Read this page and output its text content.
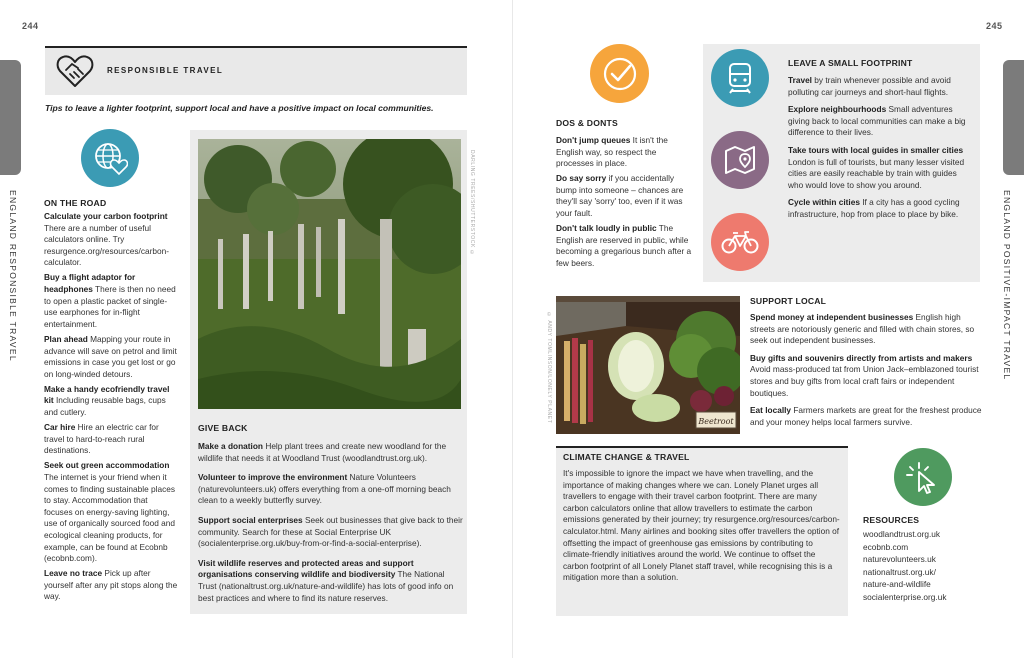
244	245
ENGLAND RESPONSIBLE TRAVEL	ENGLAND POSITIVE-IMPACT TRAVEL
RESPONSIBLE TRAVEL
Tips to leave a lighter footprint, support local and have a positive impact on local communities.
ON THE ROAD

Calculate your carbon footprint There are a number of useful calculators online. Try resurgence.org/resources/carbon-calculator.

Buy a flight adaptor for headphones There is then no need to open a plastic packet of single-use earphones for in-flight entertainment.

Plan ahead Mapping your route in advance will save on petrol and limit emissions in case you get lost or go on long-winded detours.

Make a handy ecofriendly travel kit Including reusable bags, cups and cutlery.

Car hire Hire an electric car for travel to hard-to-reach rural destinations.

Seek out green accommodation The internet is your friend when it comes to finding sustainable places to stay. Accommodation that focuses on energy-saving lighting, use of organically sourced food and ecological cleaning products, for example, can be found at Ecobnb (ecobnb.com).

Leave no trace Pick up after yourself after any pit stops along the way.

DARLING TREES/SHUTTERSTOCK ©
GIVE BACK

Make a donation Help plant trees and create new woodland for the wildlife that needs it at Woodland Trust (woodlandtrust.org.uk).

Volunteer to improve the environment Nature Volunteers (naturevolunteers.uk) offers everything from a one-off morning beach clean to a weekly butterfly survey.

Support social enterprises Seek out businesses that give back to their community. Search for these at Social Enterprise UK (socialenterprise.org.uk/buy-from-or-find-a-social-enterprise).

Visit wildlife reserves and protected areas and support organisations conserving wildlife and biodiversity The National Trust (nationaltrust.org.uk/nature-and-wildlife) has lots of good info on best practices and where to find its nature reserves.

DOS & DONTS

Don't jump queues It isn't the English way, so respect the processes in place.

Do say sorry if you accidentally bump into someone – chances are they'll say 'sorry' too, even if it was your fault.

Don't talk loudly in public The English are reserved in public, while becoming a gregarious bunch after a few beers.

LEAVE A SMALL FOOTPRINT

Travel by train whenever possible and avoid polluting car journeys and short-haul flights.

Explore neighbourhoods Small adventures giving back to local communities can make a big difference to their lives.

Take tours with local guides in smaller cities London is full of tourists, but many lesser visited cities are easily reachable by train with guides who would love to show you around.

Cycle within cities If a city has a good cycling infrastructure, hop from place to place by bike.

Beetroot
© ANDY TOMLINSON/LONELY PLANET
SUPPORT LOCAL

Spend money at independent businesses English high streets are notoriously generic and filled with chain stores, so seek out independent businesses.

Buy gifts and souvenirs directly from artists and makers Avoid mass-produced tat from Union Jack–emblazoned tourist stores and buy gifts from local craft fairs or independent boutiques.

Eat locally Farmers markets are great for the freshest produce and your money helps local farmers survive.

CLIMATE CHANGE & TRAVEL
It's impossible to ignore the impact we have when travelling, and the importance of making changes where we can. Lonely Planet urges all travellers to engage with their travel carbon footprint. There are many carbon calculators online that allow travellers to estimate the carbon emissions generated by their journey; try resurgence.org/resources/carbon-calculator.html. Many airlines and booking sites offer travellers the option of offsetting the impact of greenhouse gas emissions by contributing to climate-friendly initiatives around the world. We continue to offset the carbon footprint of all Lonely Planet staff travel, while recognising this is a mitigation more than a solution.
RESOURCES
woodlandtrust.org.uk
ecobnb.com
naturevolunteers.uk
nationaltrust.org.uk/
nature-and-wildlife
socialenterprise.org.uk
